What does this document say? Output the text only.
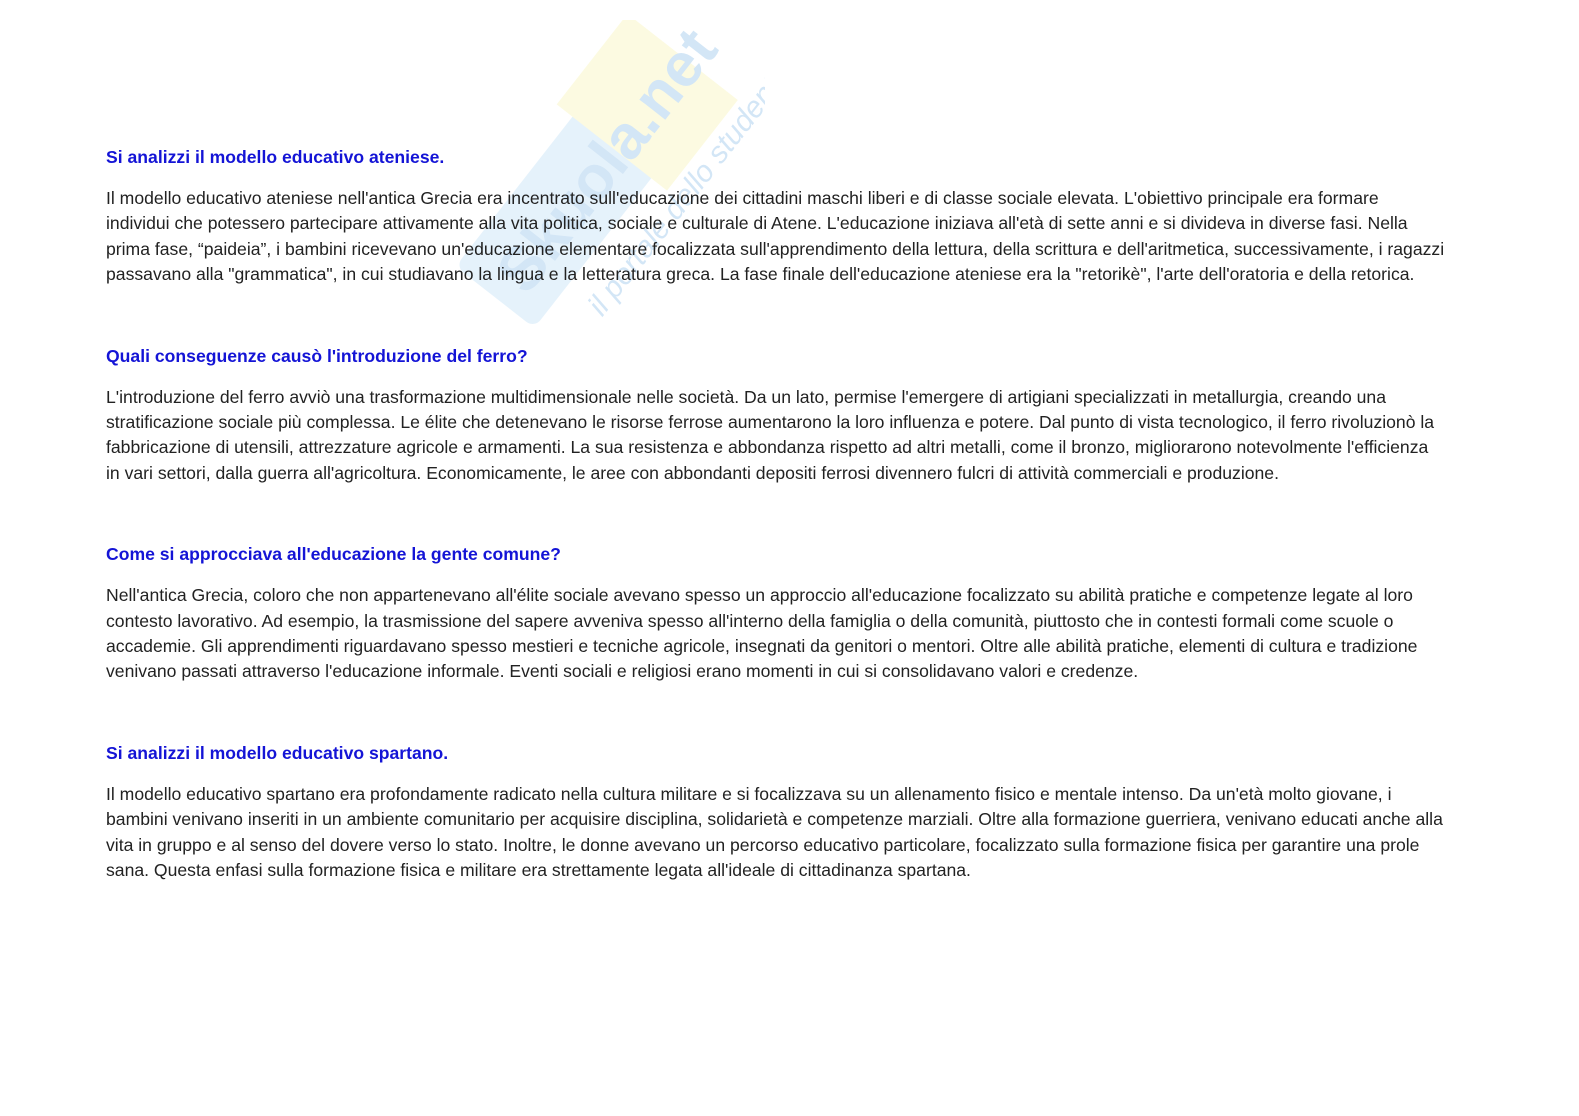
Skuola.net
il portale dello studente
Si analizzi il modello educativo ateniese.

Il modello educativo ateniese nell'antica Grecia era incentrato sull'educazione dei cittadini maschi liberi e di classe sociale elevata. L'obiettivo principale era formare individui che potessero partecipare attivamente alla vita politica, sociale e culturale di Atene. L'educazione iniziava all'età di sette anni e si divideva in diverse fasi. Nella prima fase, “paideia”, i bambini ricevevano un'educazione elementare focalizzata sull'apprendimento della lettura, della scrittura e dell'aritmetica, successivamente, i ragazzi passavano alla "grammatica", in cui studiavano la lingua e la letteratura greca. La fase finale dell'educazione ateniese era la "retorikè", l'arte dell'oratoria e della retorica.

Quali conseguenze causò l'introduzione del ferro?

L'introduzione del ferro avviò una trasformazione multidimensionale nelle società. Da un lato, permise l'emergere di artigiani specializzati in metallurgia, creando una stratificazione sociale più complessa. Le élite che detenevano le risorse ferrose aumentarono la loro influenza e potere. Dal punto di vista tecnologico, il ferro rivoluzionò la fabbricazione di utensili, attrezzature agricole e armamenti. La sua resistenza e abbondanza rispetto ad altri metalli, come il bronzo, migliorarono notevolmente l'efficienza in vari settori, dalla guerra all'agricoltura. Economicamente, le aree con abbondanti depositi ferrosi divennero fulcri di attività commerciali e produzione.

Come si approcciava all'educazione la gente comune?

Nell'antica Grecia, coloro che non appartenevano all'élite sociale avevano spesso un approccio all'educazione focalizzato su abilità pratiche e competenze legate al loro contesto lavorativo. Ad esempio, la trasmissione del sapere avveniva spesso all'interno della famiglia o della comunità, piuttosto che in contesti formali come scuole o accademie. Gli apprendimenti riguardavano spesso mestieri e tecniche agricole, insegnati da genitori o mentori. Oltre alle abilità pratiche, elementi di cultura e tradizione venivano passati attraverso l'educazione informale. Eventi sociali e religiosi erano momenti in cui si consolidavano valori e credenze.

Si analizzi il modello educativo spartano.

Il modello educativo spartano era profondamente radicato nella cultura militare e si focalizzava su un allenamento fisico e mentale intenso. Da un'età molto giovane, i bambini venivano inseriti in un ambiente comunitario per acquisire disciplina, solidarietà e competenze marziali. Oltre alla formazione guerriera, venivano educati anche alla vita in gruppo e al senso del dovere verso lo stato. Inoltre, le donne avevano un percorso educativo particolare, focalizzato sulla formazione fisica per garantire una prole sana. Questa enfasi sulla formazione fisica e militare era strettamente legata all'ideale di cittadinanza spartana.
